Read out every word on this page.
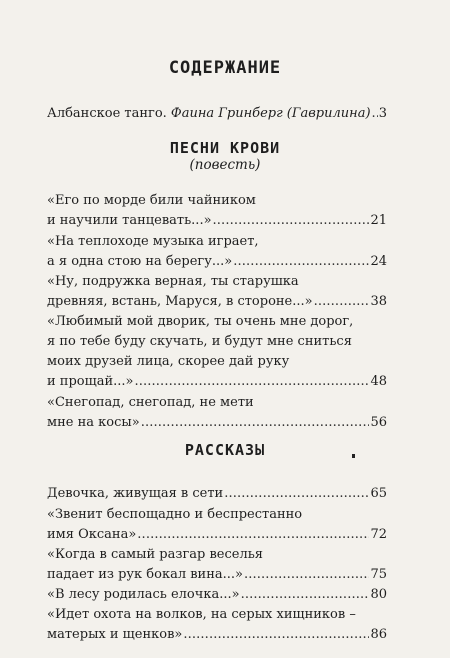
СОДЕРЖАНИЕ
Албанское танго. Фаина Гринберг (Гаврилина) . . . 3
ПЕСНИ КРОВИ
(повесть)
«Его по морде били чайником
и научили танцевать...» . . .	21
«На теплоходе музыка играет,
а я одна стою на берегу...» . . .	24
«Ну, подружка верная, ты старушка
древняя, встань, Маруся, в стороне...» . . .	38
«Любимый мой дворик, ты очень мне дорог,
я по тебе буду скучать, и будут мне сниться
моих друзей лица, скорее дай руку
и прощай...» . . .	48
«Снегопад, снегопад, не мети
мне на косы» . . .	56
РАССКАЗЫ
Девочка, живущая в сети . . .	65
«Звенит беспощадно и беспрестанно
имя Оксана» . . .	72
«Когда в самый разгар веселья
падает из рук бокал вина...» . . .	75
«В лесу родилась елочка...» . . .	80
«Идет охота на волков, на серых хищников –
матерых и щенков» . . .	86
